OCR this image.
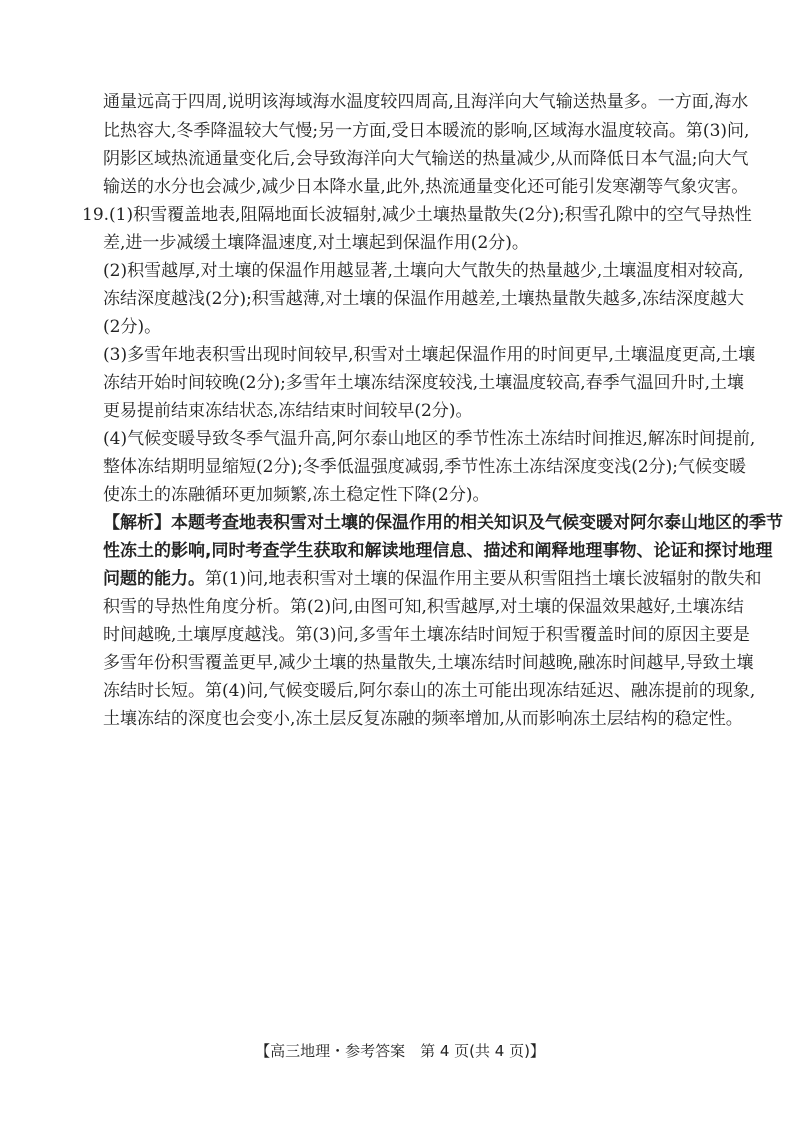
通量远高于四周,说明该海域海水温度较四周高,且海洋向大气输送热量多。一方面,海水
比热容大,冬季降温较大气慢;另一方面,受日本暖流的影响,区域海水温度较高。第(3)问,
阴影区域热流通量变化后,会导致海洋向大气输送的热量减少,从而降低日本气温;向大气
输送的水分也会减少,减少日本降水量,此外,热流通量变化还可能引发寒潮等气象灾害。
19.(1)积雪覆盖地表,阻隔地面长波辐射,减少土壤热量散失(2分);积雪孔隙中的空气导热性
差,进一步减缓土壤降温速度,对土壤起到保温作用(2分)。
(2)积雪越厚,对土壤的保温作用越显著,土壤向大气散失的热量越少,土壤温度相对较高,
冻结深度越浅(2分);积雪越薄,对土壤的保温作用越差,土壤热量散失越多,冻结深度越大
(2分)。
(3)多雪年地表积雪出现时间较早,积雪对土壤起保温作用的时间更早,土壤温度更高,土壤
冻结开始时间较晚(2分);多雪年土壤冻结深度较浅,土壤温度较高,春季气温回升时,土壤
更易提前结束冻结状态,冻结结束时间较早(2分)。
(4)气候变暖导致冬季气温升高,阿尔泰山地区的季节性冻土冻结时间推迟,解冻时间提前,
整体冻结期明显缩短(2分);冬季低温强度减弱,季节性冻土冻结深度变浅(2分);气候变暖
使冻土的冻融循环更加频繁,冻土稳定性下降(2分)。
【解析】本题考查地表积雪对土壤的保温作用的相关知识及气候变暖对阿尔泰山地区的季节
性冻土的影响,同时考查学生获取和解读地理信息、描述和阐释地理事物、论证和探讨地理
问题的能力。 第(1)问,地表积雪对土壤的保温作用主要从积雪阻挡土壤长波辐射的散失和
积雪的导热性角度分析。第(2)问,由图可知,积雪越厚,对土壤的保温效果越好,土壤冻结
时间越晚,土壤厚度越浅。第(3)问,多雪年土壤冻结时间短于积雪覆盖时间的原因主要是
多雪年份积雪覆盖更早,减少土壤的热量散失,土壤冻结时间越晚,融冻时间越早,导致土壤
冻结时长短。第(4)问,气候变暖后,阿尔泰山的冻土可能出现冻结延迟、融冻提前的现象,
土壤冻结的深度也会变小,冻土层反复冻融的频率增加,从而影响冻土层结构的稳定性。
【高三地理・参考答案　第 4 页(共 4 页)】
